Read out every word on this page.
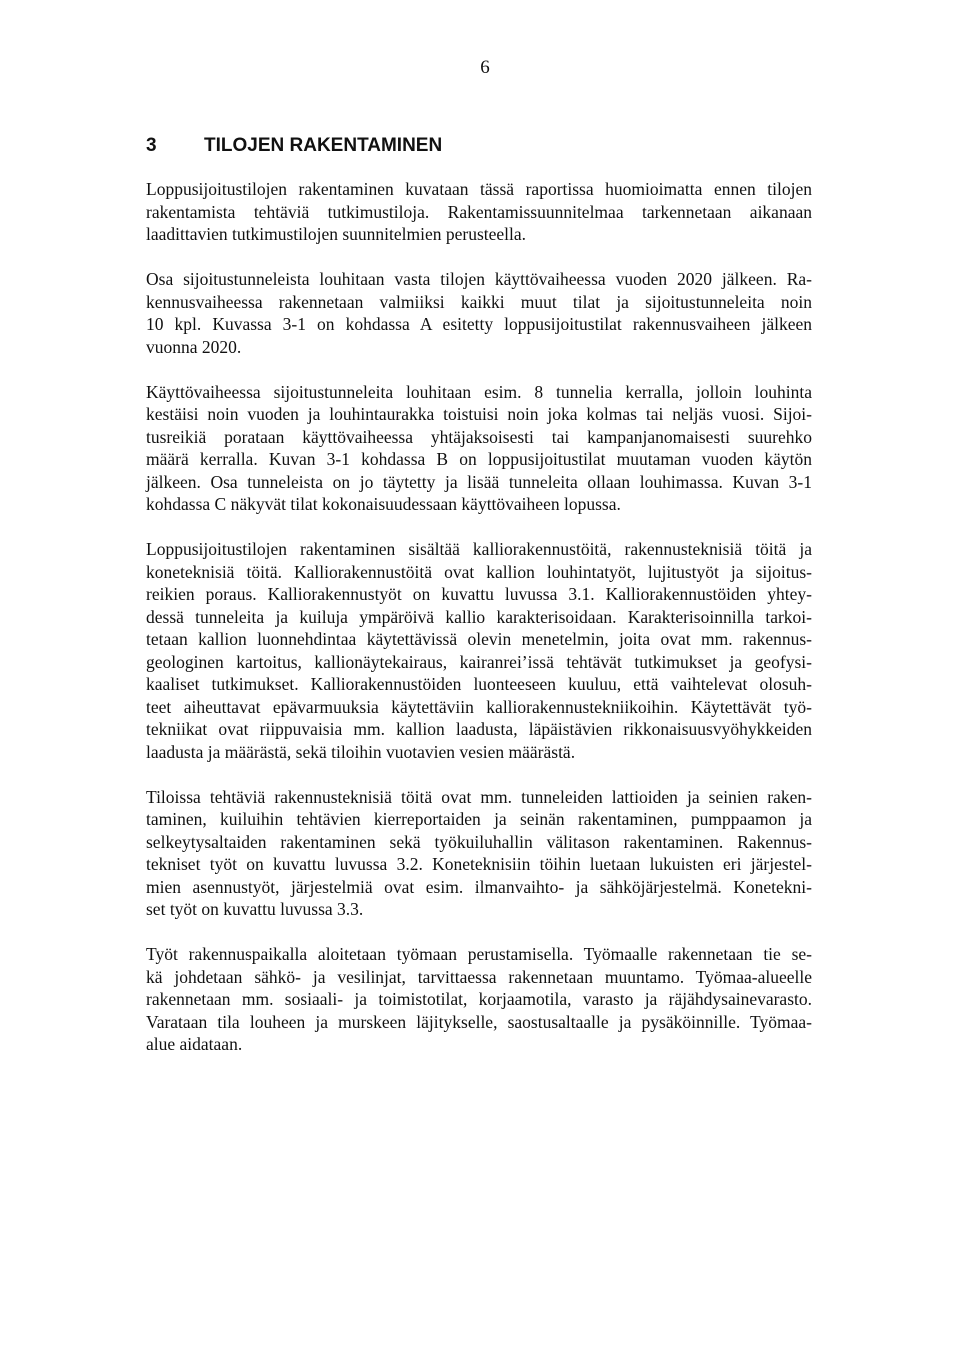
6
3 TILOJEN RAKENTAMINEN

Loppusijoitustilojen rakentaminen kuvataan tässä raportissa huomioimatta ennen tilojen
rakentamista tehtäviä tutkimustiloja. Rakentamissuunnitelmaa tarkennetaan aikanaan
laadittavien tutkimustilojen suunnitelmien perusteella.

Osa sijoitustunneleista louhitaan vasta tilojen käyttövaiheessa vuoden 2020 jälkeen. Ra-
kennusvaiheessa rakennetaan valmiiksi kaikki muut tilat ja sijoitustunneleita noin
10 kpl. Kuvassa 3-1 on kohdassa A esitetty loppusijoitustilat rakennusvaiheen jälkeen
vuonna 2020.

Käyttövaiheessa sijoitustunneleita louhitaan esim. 8 tunnelia kerralla, jolloin louhinta
kestäisi noin vuoden ja louhintaurakka toistuisi noin joka kolmas tai neljäs vuosi. Sijoi-
tusreikiä porataan käyttövaiheessa yhtäjaksoisesti tai kampanjanomaisesti suurehko
määrä kerralla. Kuvan 3-1 kohdassa B on loppusijoitustilat muutaman vuoden käytön
jälkeen. Osa tunneleista on jo täytetty ja lisää tunneleita ollaan louhimassa. Kuvan 3-1
kohdassa C näkyvät tilat kokonaisuudessaan käyttövaiheen lopussa.

Loppusijoitustilojen rakentaminen sisältää kalliorakennustöitä, rakennusteknisiä töitä ja
koneteknisiä töitä. Kalliorakennustöitä ovat kallion louhintatyöt, lujitustyöt ja sijoitus-
reikien poraus. Kalliorakennustyöt on kuvattu luvussa 3.1. Kalliorakennustöiden yhtey-
dessä tunneleita ja kuiluja ympäröivä kallio karakterisoidaan. Karakterisoinnilla tarkoi-
tetaan kallion luonnehdintaa käytettävissä olevin menetelmin, joita ovat mm. rakennus-
geologinen kartoitus, kallionäytekairaus, kairanrei’issä tehtävät tutkimukset ja geofysi-
kaaliset tutkimukset. Kalliorakennustöiden luonteeseen kuuluu, että vaihtelevat olosuh-
teet aiheuttavat epävarmuuksia käytettäviin kalliorakennustekniikoihin. Käytettävät työ-
tekniikat ovat riippuvaisia mm. kallion laadusta, läpäistävien rikkonaisuusvyöhykkeiden
laadusta ja määrästä, sekä tiloihin vuotavien vesien määrästä.

Tiloissa tehtäviä rakennusteknisiä töitä ovat mm. tunneleiden lattioiden ja seinien raken-
taminen, kuiluihin tehtävien kierreportaiden ja seinän rakentaminen, pumppaamon ja
selkeytysaltaiden rakentaminen sekä työkuiluhallin välitason rakentaminen. Rakennus-
tekniset työt on kuvattu luvussa 3.2. Koneteknisiin töihin luetaan lukuisten eri järjestel-
mien asennustyöt, järjestelmiä ovat esim. ilmanvaihto- ja sähköjärjestelmä. Konetekni-
set työt on kuvattu luvussa 3.3.

Työt rakennuspaikalla aloitetaan työmaan perustamisella. Työmaalle rakennetaan tie se-
kä johdetaan sähkö- ja vesilinjat, tarvittaessa rakennetaan muuntamo. Työmaa-alueelle
rakennetaan mm. sosiaali- ja toimistotilat, korjaamotila, varasto ja räjähdysainevarasto.
Varataan tila louheen ja murskeen läjitykselle, saostusaltaalle ja pysäköinnille. Työmaa-
alue aidataan.
